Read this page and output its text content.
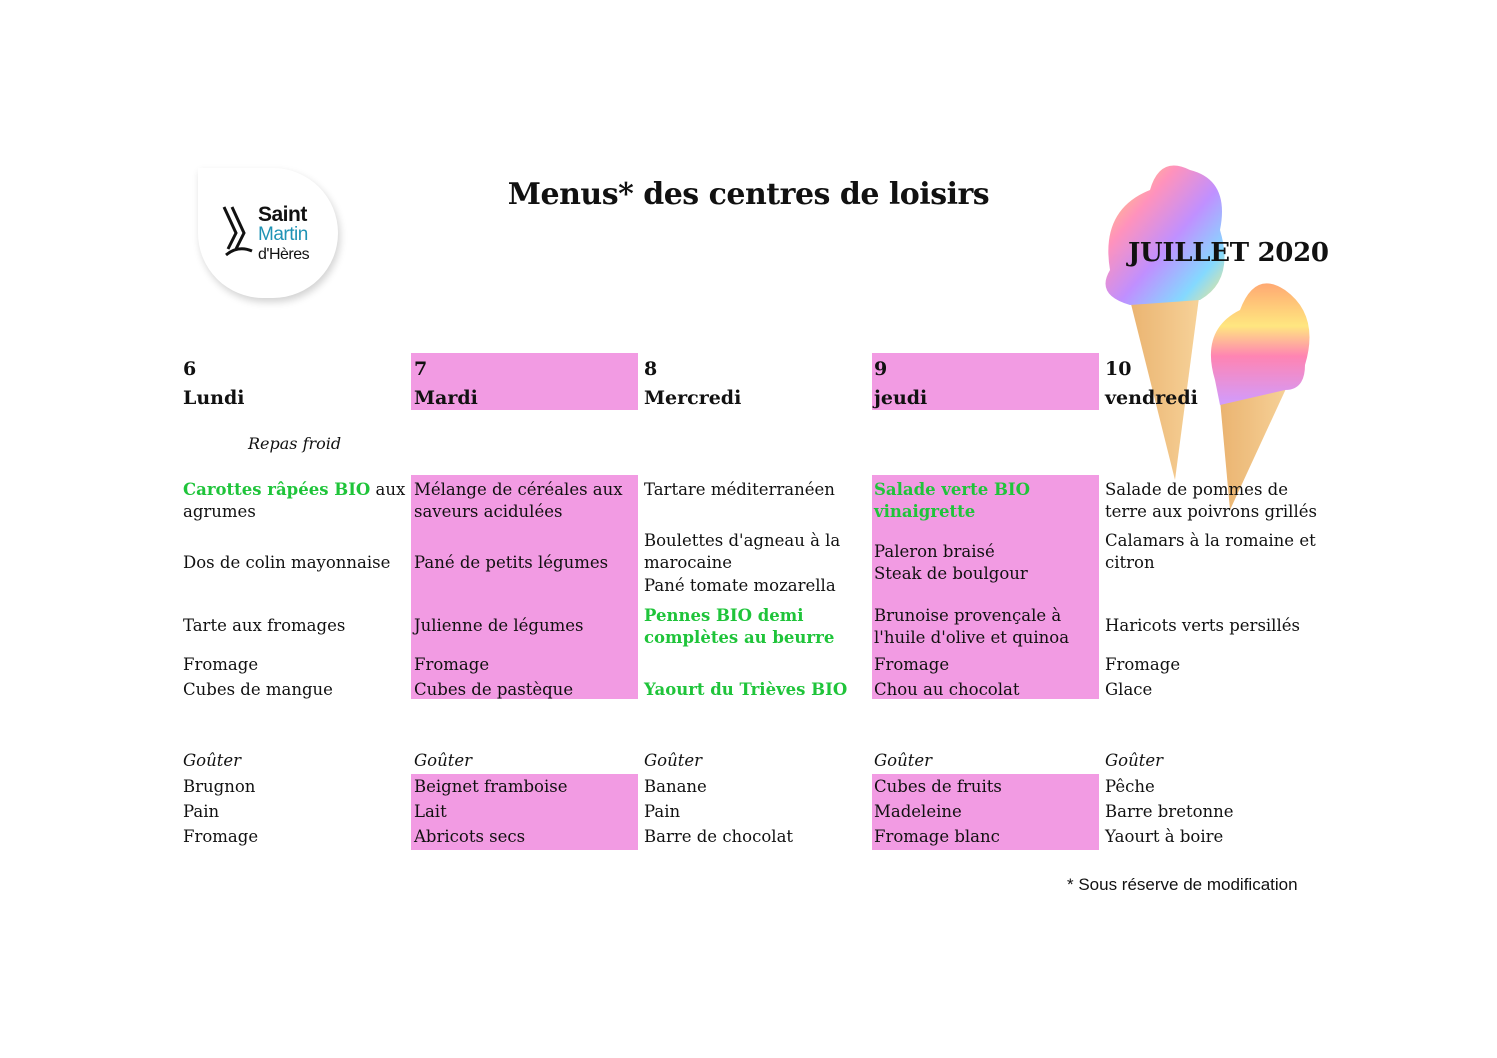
Saint
Martin
d'Hères
Menus* des centres de loisirs
JUILLET 2020
Repas froid
6
Lundi
Carottes râpées BIO aux agrumes
Dos de colin mayonnaise
Tarte aux fromages
Fromage
Cubes de mangue
Goûter
Brugnon
Pain
Fromage
7
Mardi
Mélange de céréales aux saveurs acidulées
Pané de petits légumes
Julienne de légumes
Fromage
Cubes de pastèque
Goûter
Beignet framboise
Lait
Abricots secs
8
Mercredi
Tartare méditerranéen
Boulettes d'agneau à la marocaine
Pané tomate mozarella
Pennes BIO demi complètes au beurre
Yaourt du Trièves BIO
Goûter
Banane
Pain
Barre de chocolat
9
jeudi
Salade verte BIO vinaigrette
Paleron braisé
Steak de boulgour
Brunoise provençale à l'huile d'olive et quinoa
Fromage
Chou au chocolat
Goûter
Cubes de fruits
Madeleine
Fromage blanc
10
vendredi
Salade de pommes de terre aux poivrons grillés
Calamars à la romaine et citron
Haricots verts persillés
Fromage
Glace
Goûter
Pêche
Barre bretonne
Yaourt à boire
* Sous réserve de modification
